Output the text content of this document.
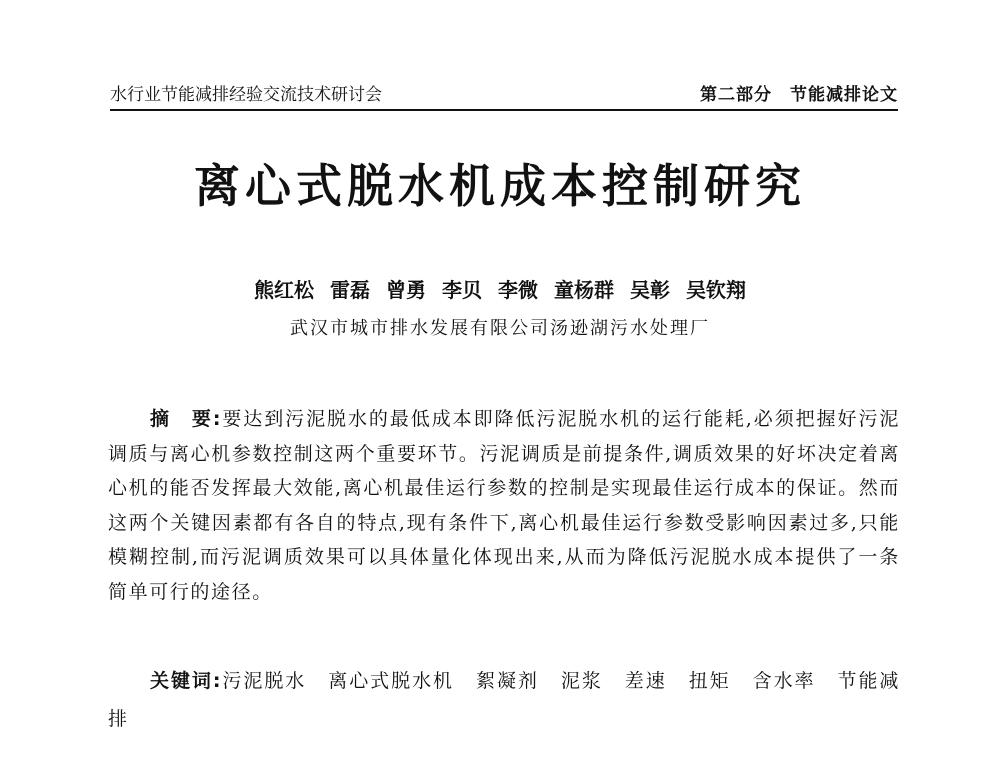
水行业节能减排经验交流技术研讨会	第二部分　节能减排论文
离心式脱水机成本控制研究
熊红松 雷磊 曾勇 李贝 李微 童杨群 吴彰 吴钦翔
武汉市城市排水发展有限公司汤逊湖污水处理厂
摘　要:要达到污泥脱水的最低成本即降低污泥脱水机的运行能耗,必须把握好污泥调质与离心机参数控制这两个重要环节。污泥调质是前提条件,调质效果的好坏决定着离心机的能否发挥最大效能,离心机最佳运行参数的控制是实现最佳运行成本的保证。然而这两个关键因素都有各自的特点,现有条件下,离心机最佳运行参数受影响因素过多,只能模糊控制,而污泥调质效果可以具体量化体现出来,从而为降低污泥脱水成本提供了一条简单可行的途径。
关键词:污泥脱水 离心式脱水机 絮凝剂 泥浆 差速 扭矩 含水率 节能减排
